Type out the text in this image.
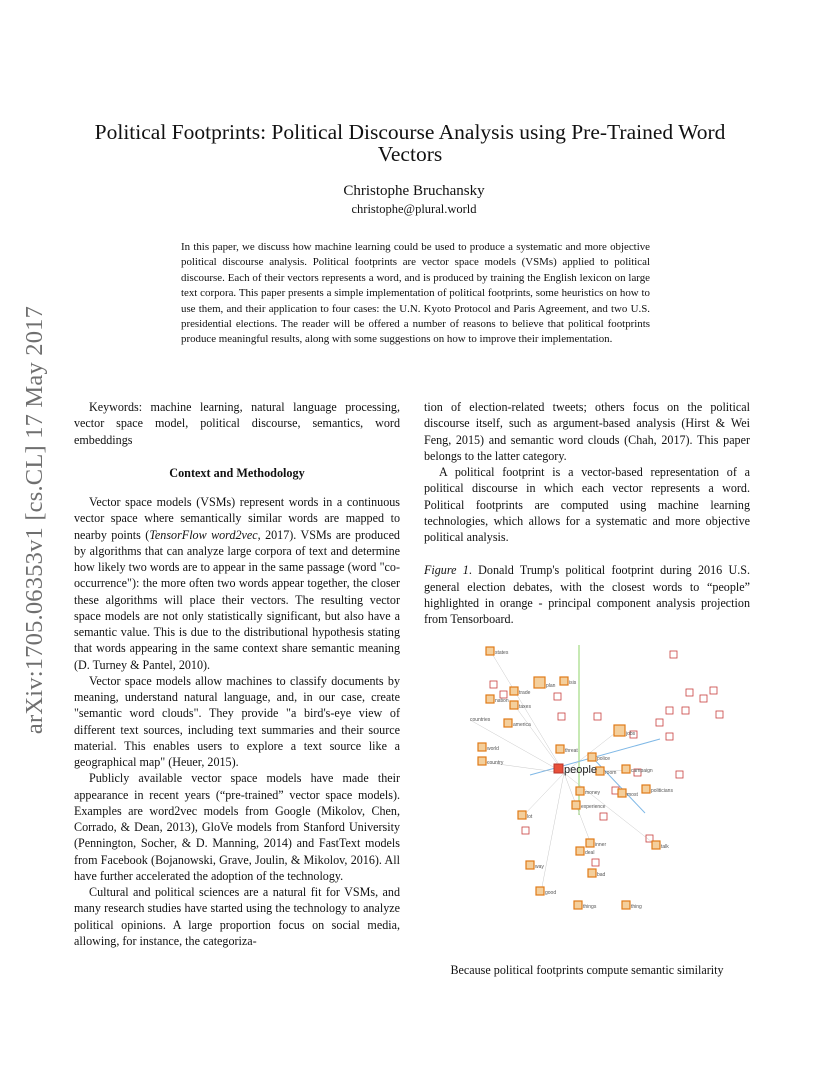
arXiv:1705.06353v1 [cs.CL] 17 May 2017
Political Footprints: Political Discourse Analysis using Pre-Trained Word Vectors
Christophe Bruchansky
christophe@plural.world
In this paper, we discuss how machine learning could be used to produce a systematic and more objective political discourse analysis. Political footprints are vector space models (VSMs) applied to political discourse. Each of their vectors represents a word, and is produced by training the English lexicon on large text corpora. This paper presents a simple implementation of political footprints, some heuristics on how to use them, and their application to four cases: the U.N. Kyoto Protocol and Paris Agreement, and two U.S. presidential elections. The reader will be offered a number of reasons to believe that political footprints produce meaningful results, along with some suggestions on how to improve their implementation.

Keywords: machine learning, natural language processing, vector space model, political discourse, semantics, word embeddings

Context and Methodology

Vector space models (VSMs) represent words in a continuous vector space where semantically similar words are mapped to nearby points (TensorFlow word2vec, 2017). VSMs are produced by algorithms that can analyze large corpora of text and determine how likely two words are to appear in the same passage (word "co-occurrence"): the more often two words appear together, the closer these algorithms will place their vectors. The resulting vector space models are not only statistically significant, but also have a semantic value. This is due to the distributional hypothesis stating that words appearing in the same context share semantic meaning (D. Turney & Pantel, 2010).

Vector space models allow machines to classify documents by meaning, understand natural language, and, in our case, create "semantic word clouds". They provide "a bird's-eye view of different text sources, including text summaries and their source material. This enables users to explore a text source like a geographical map" (Heuer, 2015).

Publicly available vector space models have made their appearance in recent years (“pre-trained” vector space models). Examples are word2vec models from Google (Mikolov, Chen, Corrado, & Dean, 2013), GloVe models from Stanford University (Pennington, Socher, & D. Manning, 2014) and FastText models from Facebook (Bojanowski, Grave, Joulin, & Mikolov, 2016). All have further accelerated the adoption of the technology.

Cultural and political sciences are a natural fit for VSMs, and many research studies have started using the technology to analyze political opinions. A large proportion focus on social media, allowing, for instance, the categoriza-

tion of election-related tweets; others focus on the political discourse itself, such as argument-based analysis (Hirst & Wei Feng, 2015) and semantic word clouds (Chah, 2017). This paper belongs to the latter category.

A political footprint is a vector-based representation of a political discourse in which each vector represents a word. Political footprints are computed using machine learning technologies, which allows for a systematic and more objective political analysis.

Figure 1. Donald Trump's political footprint during 2016 U.S. general election debates, with the closest words to “people” highlighted in orange - principal component analysis projection from Tensorboard.

states
plan	isis
countries
america
world
country
threat
police
jobs
money
experience
campaign
politicians
deal
talk
way
bad
good
things	thing
lot
most
room
inner
trade
nation
taxes
people
Because political footprints compute semantic similarity
